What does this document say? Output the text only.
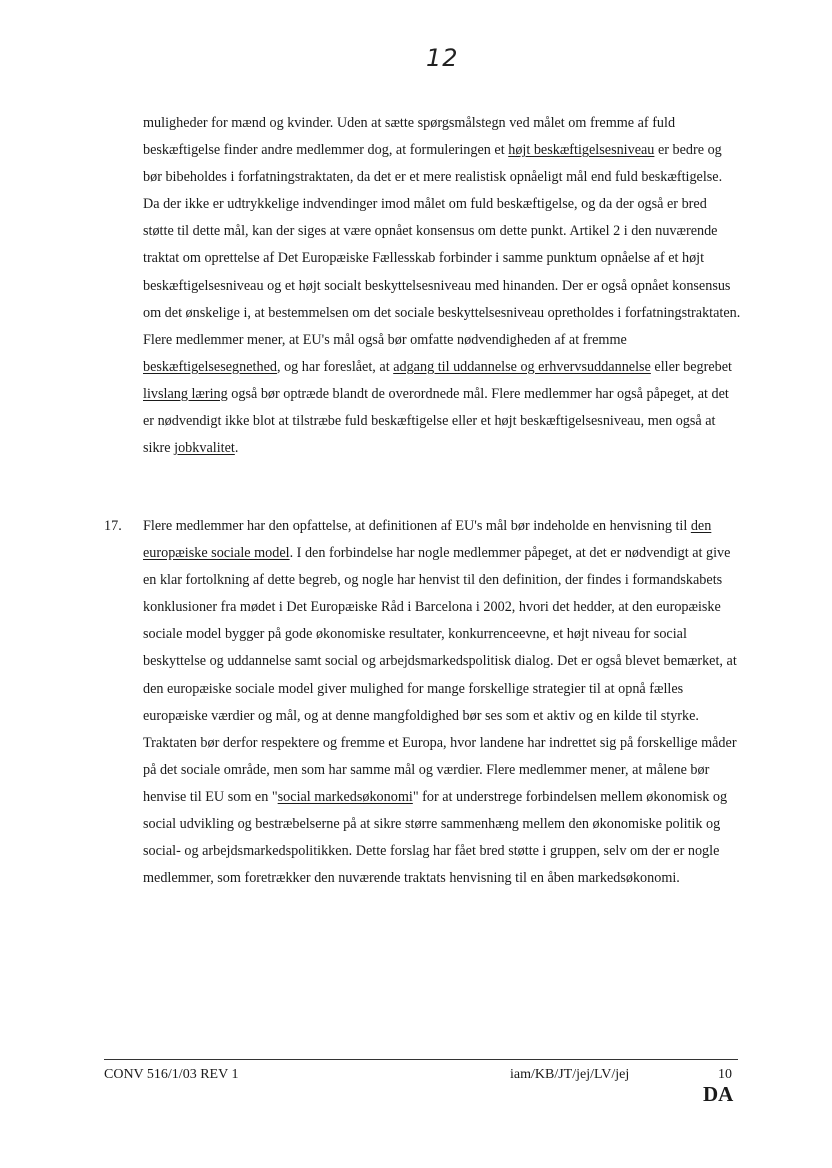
12

muligheder for mænd og kvinder. Uden at sætte spørgsmålstegn ved målet om fremme af fuld beskæftigelse finder andre medlemmer dog, at formuleringen et højt beskæftigelsesniveau er bedre og bør bibeholdes i forfatningstraktaten, da det er et mere realistisk opnåeligt mål end fuld beskæftigelse. Da der ikke er udtrykkelige indvendinger imod målet om fuld beskæftigelse, og da der også er bred støtte til dette mål, kan der siges at være opnået konsensus om dette punkt. Artikel 2 i den nuværende traktat om oprettelse af Det Europæiske Fællesskab forbinder i samme punktum opnåelse af et højt beskæftigelsesniveau og et højt socialt beskyttelsesniveau med hinanden. Der er også opnået konsensus om det ønskelige i, at bestemmelsen om det sociale beskyttelsesniveau opretholdes i forfatningstraktaten. Flere medlemmer mener, at EU's mål også bør omfatte nødvendigheden af at fremme beskæftigelsesegnethed, og har foreslået, at adgang til uddannelse og erhvervsuddannelse eller begrebet livslang læring også bør optræde blandt de overordnede mål. Flere medlemmer har også påpeget, at det er nødvendigt ikke blot at tilstræbe fuld beskæftigelse eller et højt beskæftigelsesniveau, men også at sikre jobkvalitet.

17. Flere medlemmer har den opfattelse, at definitionen af EU's mål bør indeholde en henvisning til den europæiske sociale model. I den forbindelse har nogle medlemmer påpeget, at det er nødvendigt at give en klar fortolkning af dette begreb, og nogle har henvist til den definition, der findes i formandskabets konklusioner fra mødet i Det Europæiske Råd i Barcelona i 2002, hvori det hedder, at den europæiske sociale model bygger på gode økonomiske resultater, konkurrenceevne, et højt niveau for social beskyttelse og uddannelse samt social og arbejdsmarkedspolitisk dialog. Det er også blevet bemærket, at den europæiske sociale model giver mulighed for mange forskellige strategier til at opnå fælles europæiske værdier og mål, og at denne mangfoldighed bør ses som et aktiv og en kilde til styrke. Traktaten bør derfor respektere og fremme et Europa, hvor landene har indrettet sig på forskellige måder på det sociale område, men som har samme mål og værdier. Flere medlemmer mener, at målene bør henvise til EU som en "social markedsøkonomi" for at understrege forbindelsen mellem økonomisk og social udvikling og bestræbelserne på at sikre større sammenhæng mellem den økonomiske politik og social- og arbejdsmarkedspolitikken. Dette forslag har fået bred støtte i gruppen, selv om der er nogle medlemmer, som foretrækker den nuværende traktats henvisning til en åben markedsøkonomi.

CONV 516/1/03 REV 1	iam/KB/JT/jej/LV/jej	10
DA
